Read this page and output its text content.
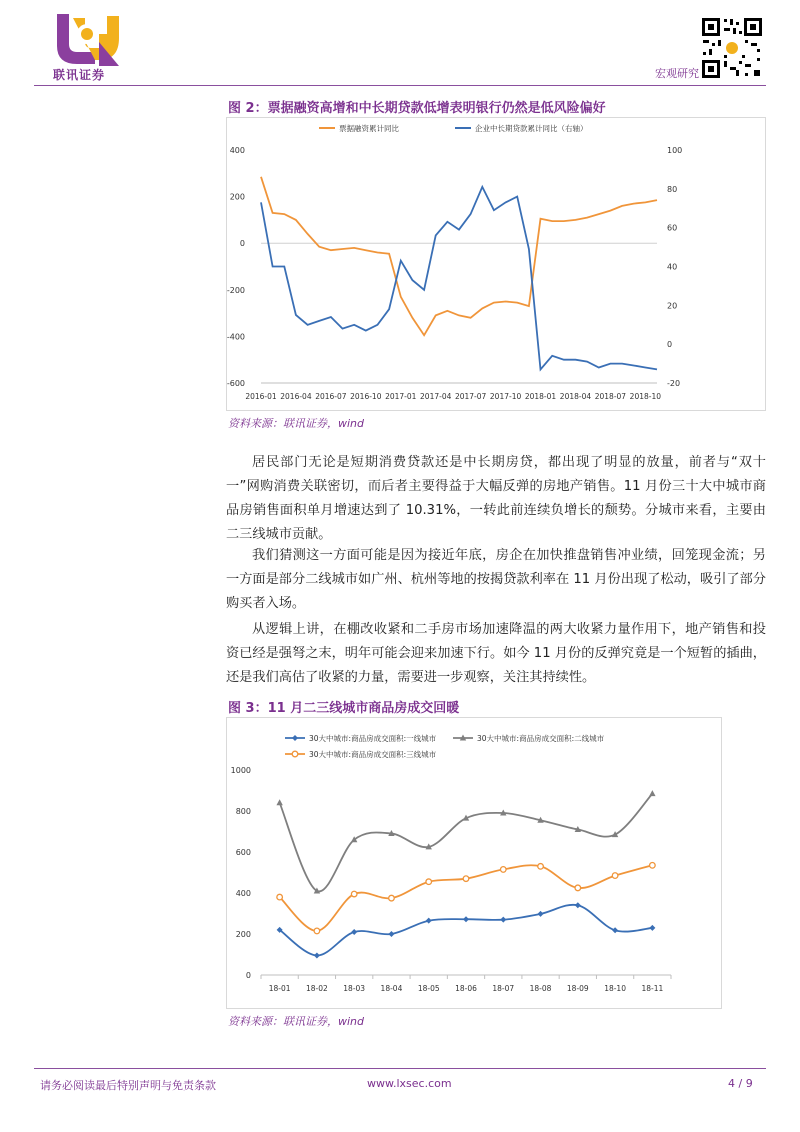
联讯证券	宏观研究
图 2：票据融资高增和中长期贷款低增表明银行仍然是低风险偏好
400
200
0
-200
-400
-600
100
80
60
40
20
0
-20
2016-01 2016-04 2016-07 2016-10 2017-01 2017-04 2017-07 2017-10 2018-01 2018-04 2018-07 2018-10
票据融资累计同比	企业中长期贷款累计同比（右轴）
资料来源：联讯证券，wind

居民部门无论是短期消费贷款还是中长期房贷，都出现了明显的放量，前者与“双十一”网购消费关联密切，而后者主要得益于大幅反弹的房地产销售。11 月份三十大中城市商品房销售面积单月增速达到了 10.31%，一转此前连续负增长的颓势。分城市来看，主要由二三线城市贡献。

我们猜测这一方面可能是因为接近年底，房企在加快推盘销售冲业绩，回笼现金流；另一方面是部分二线城市如广州、杭州等地的按揭贷款利率在 11 月份出现了松动，吸引了部分购买者入场。

从逻辑上讲，在棚改收紧和二手房市场加速降温的两大收紧力量作用下，地产销售和投资已经是强弩之末，明年可能会迎来加速下行。如今 11 月份的反弹究竟是一个短暂的插曲，还是我们高估了收紧的力量，需要进一步观察，关注其持续性。

图 3：11 月二三线城市商品房成交回暖
1000
800
600
400
200
0
18-01 18-02 18-03 18-04 18-05 18-06 18-07 18-08 18-09 18-10 18-11
30大中城市:商品房成交面积:一线城市	30大中城市:商品房成交面积:二线城市
30大中城市:商品房成交面积:三线城市
资料来源：联讯证券，wind
请务必阅读最后特别声明与免责条款	www.lxsec.com	4 / 9
